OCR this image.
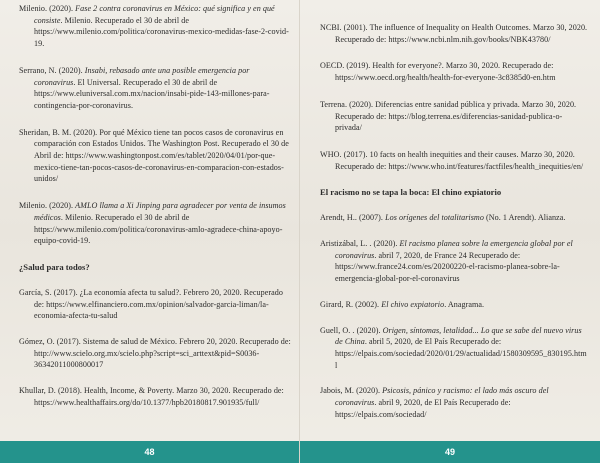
Milenio. (2020). Fase 2 contra coronavirus en México: qué significa y en qué consiste. Milenio. Recuperado el 30 de abril de https://www.milenio.com/politica/coronavirus-mexico-medidas-fase-2-covid-19.

Serrano, N. (2020). Insabi, rebasado ante una posible emergencia por coronavirus. El Universal. Recuperado el 30 de abril de https://www.eluniversal.com.mx/nacion/insabi-pide-143-millones-para-contingencia-por-coronavirus.

Sheridan, B. M. (2020). Por qué México tiene tan pocos casos de coronavirus en comparación con Estados Unidos. The Washington Post. Recuperado el 30 de Abril de: https://www.washingtonpost.com/es/tablet/2020/04/01/por-que-mexico-tiene-tan-pocos-casos-de-coronavirus-en-comparacion-con-estados-unidos/

Milenio. (2020). AMLO llama a Xi Jinping para agradecer por venta de insumos médicos. Milenio. Recuperado el 30 de abril de https://www.milenio.com/politica/coronavirus-amlo-agradece-china-apoyo-equipo-covid-19.

¿Salud para todos?

García, S. (2017). ¿La economía afecta tu salud?. Febrero 20, 2020. Recuperado de: https://www.elfinanciero.com.mx/opinion/salvador-garcia-liman/la-economia-afecta-tu-salud

Gómez, O. (2017). Sistema de salud de México. Febrero 20, 2020. Recuperado de: http://www.scielo.org.mx/scielo.php?script=sci_arttext&pid=S0036-36342011000800017

Khullar, D. (2018). Health, Income, & Poverty. Marzo 30, 2020. Recuperado de: https://www.healthaffairs.org/do/10.1377/hpb20180817.901935/full/

48

NCBI. (2001). The influence of Inequality on Health Outcomes. Marzo 30, 2020. Recuperado de: https://www.ncbi.nlm.nih.gov/books/NBK43780/

OECD. (2019). Health for everyone?. Marzo 30, 2020. Recuperado de: https://www.oecd.org/health/health-for-everyone-3c8385d0-en.htm

Terrena. (2020). Diferencias entre sanidad pública y privada. Marzo 30, 2020. Recuperado de: https://blog.terrena.es/diferencias-sanidad-publica-o-privada/

WHO. (2017). 10 facts on health inequities and their causes. Marzo 30, 2020. Recuperado de: https://www.who.int/features/factfiles/health_inequities/en/

El racismo no se tapa la boca: El chino expiatorio

Arendt, H.. (2007). Los orígenes del totalitarismo (No. 1 Arendt). Alianza.

Aristizábal, L. . (2020). El racismo planea sobre la emergencia global por el coronavirus. abril 7, 2020, de France 24 Recuperado de: https://www.france24.com/es/20200220-el-racismo-planea-sobre-la-emergencia-global-por-el-coronavirus

Girard, R. (2002). El chivo expiatorio. Anagrama.

Guell, O. . (2020). Origen, síntomas, letalidad... Lo que se sabe del nuevo virus de China. abril 5, 2020, de El País Recuperado de: https://elpais.com/sociedad/2020/01/29/actualidad/1580309595_830195.html

Jabois, M. (2020). Psicosis, pánico y racismo: el lado más oscuro del coronavirus. abril 9, 2020, de El País Recuperado de: https://elpais.com/sociedad/

49
